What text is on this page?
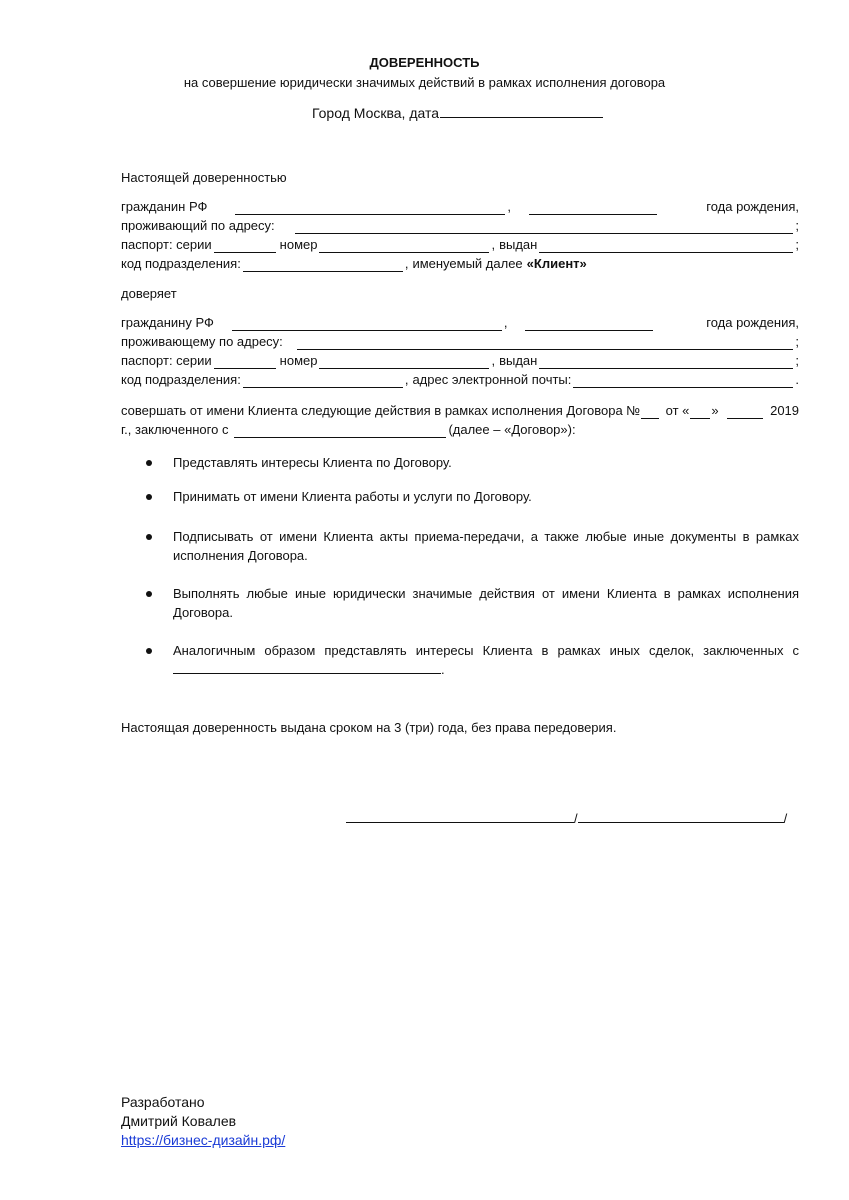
ДОВЕРЕННОСТЬ
на совершение юридически значимых действий в рамках исполнения договора
Город Москва, дата
Настоящей доверенностью
гражданин РФ	,	года рождения,
проживающий по адресу:	;
паспорт: серии	номер	, выдан	;
код подразделения:	, именуемый далее «Клиент»
доверяет
гражданину РФ	,	года рождения,
проживающему по адресу:	;
паспорт: серии	номер	, выдан	;
код подразделения:	, адрес электронной почты:	.
совершать от имени Клиента следующие действия в рамках исполнения Договора № от « »	2019
г., заключенного с	(далее – «Договор»):
Представлять интересы Клиента по Договору.
Принимать от имени Клиента работы и услуги по Договору.
Подписывать от имени Клиента акты приема-передачи, а также любые иные документы в рамках исполнения Договора.
Выполнять любые иные юридически значимые действия от имени Клиента в рамках исполнения Договора.
Аналогичным образом представлять интересы Клиента в рамках иных сделок, заключенных с
.
Настоящая доверенность выдана сроком на 3 (три) года, без права передоверия.
/	/
Разработано
Дмитрий Ковалев
https://бизнес-дизайн.рф/
